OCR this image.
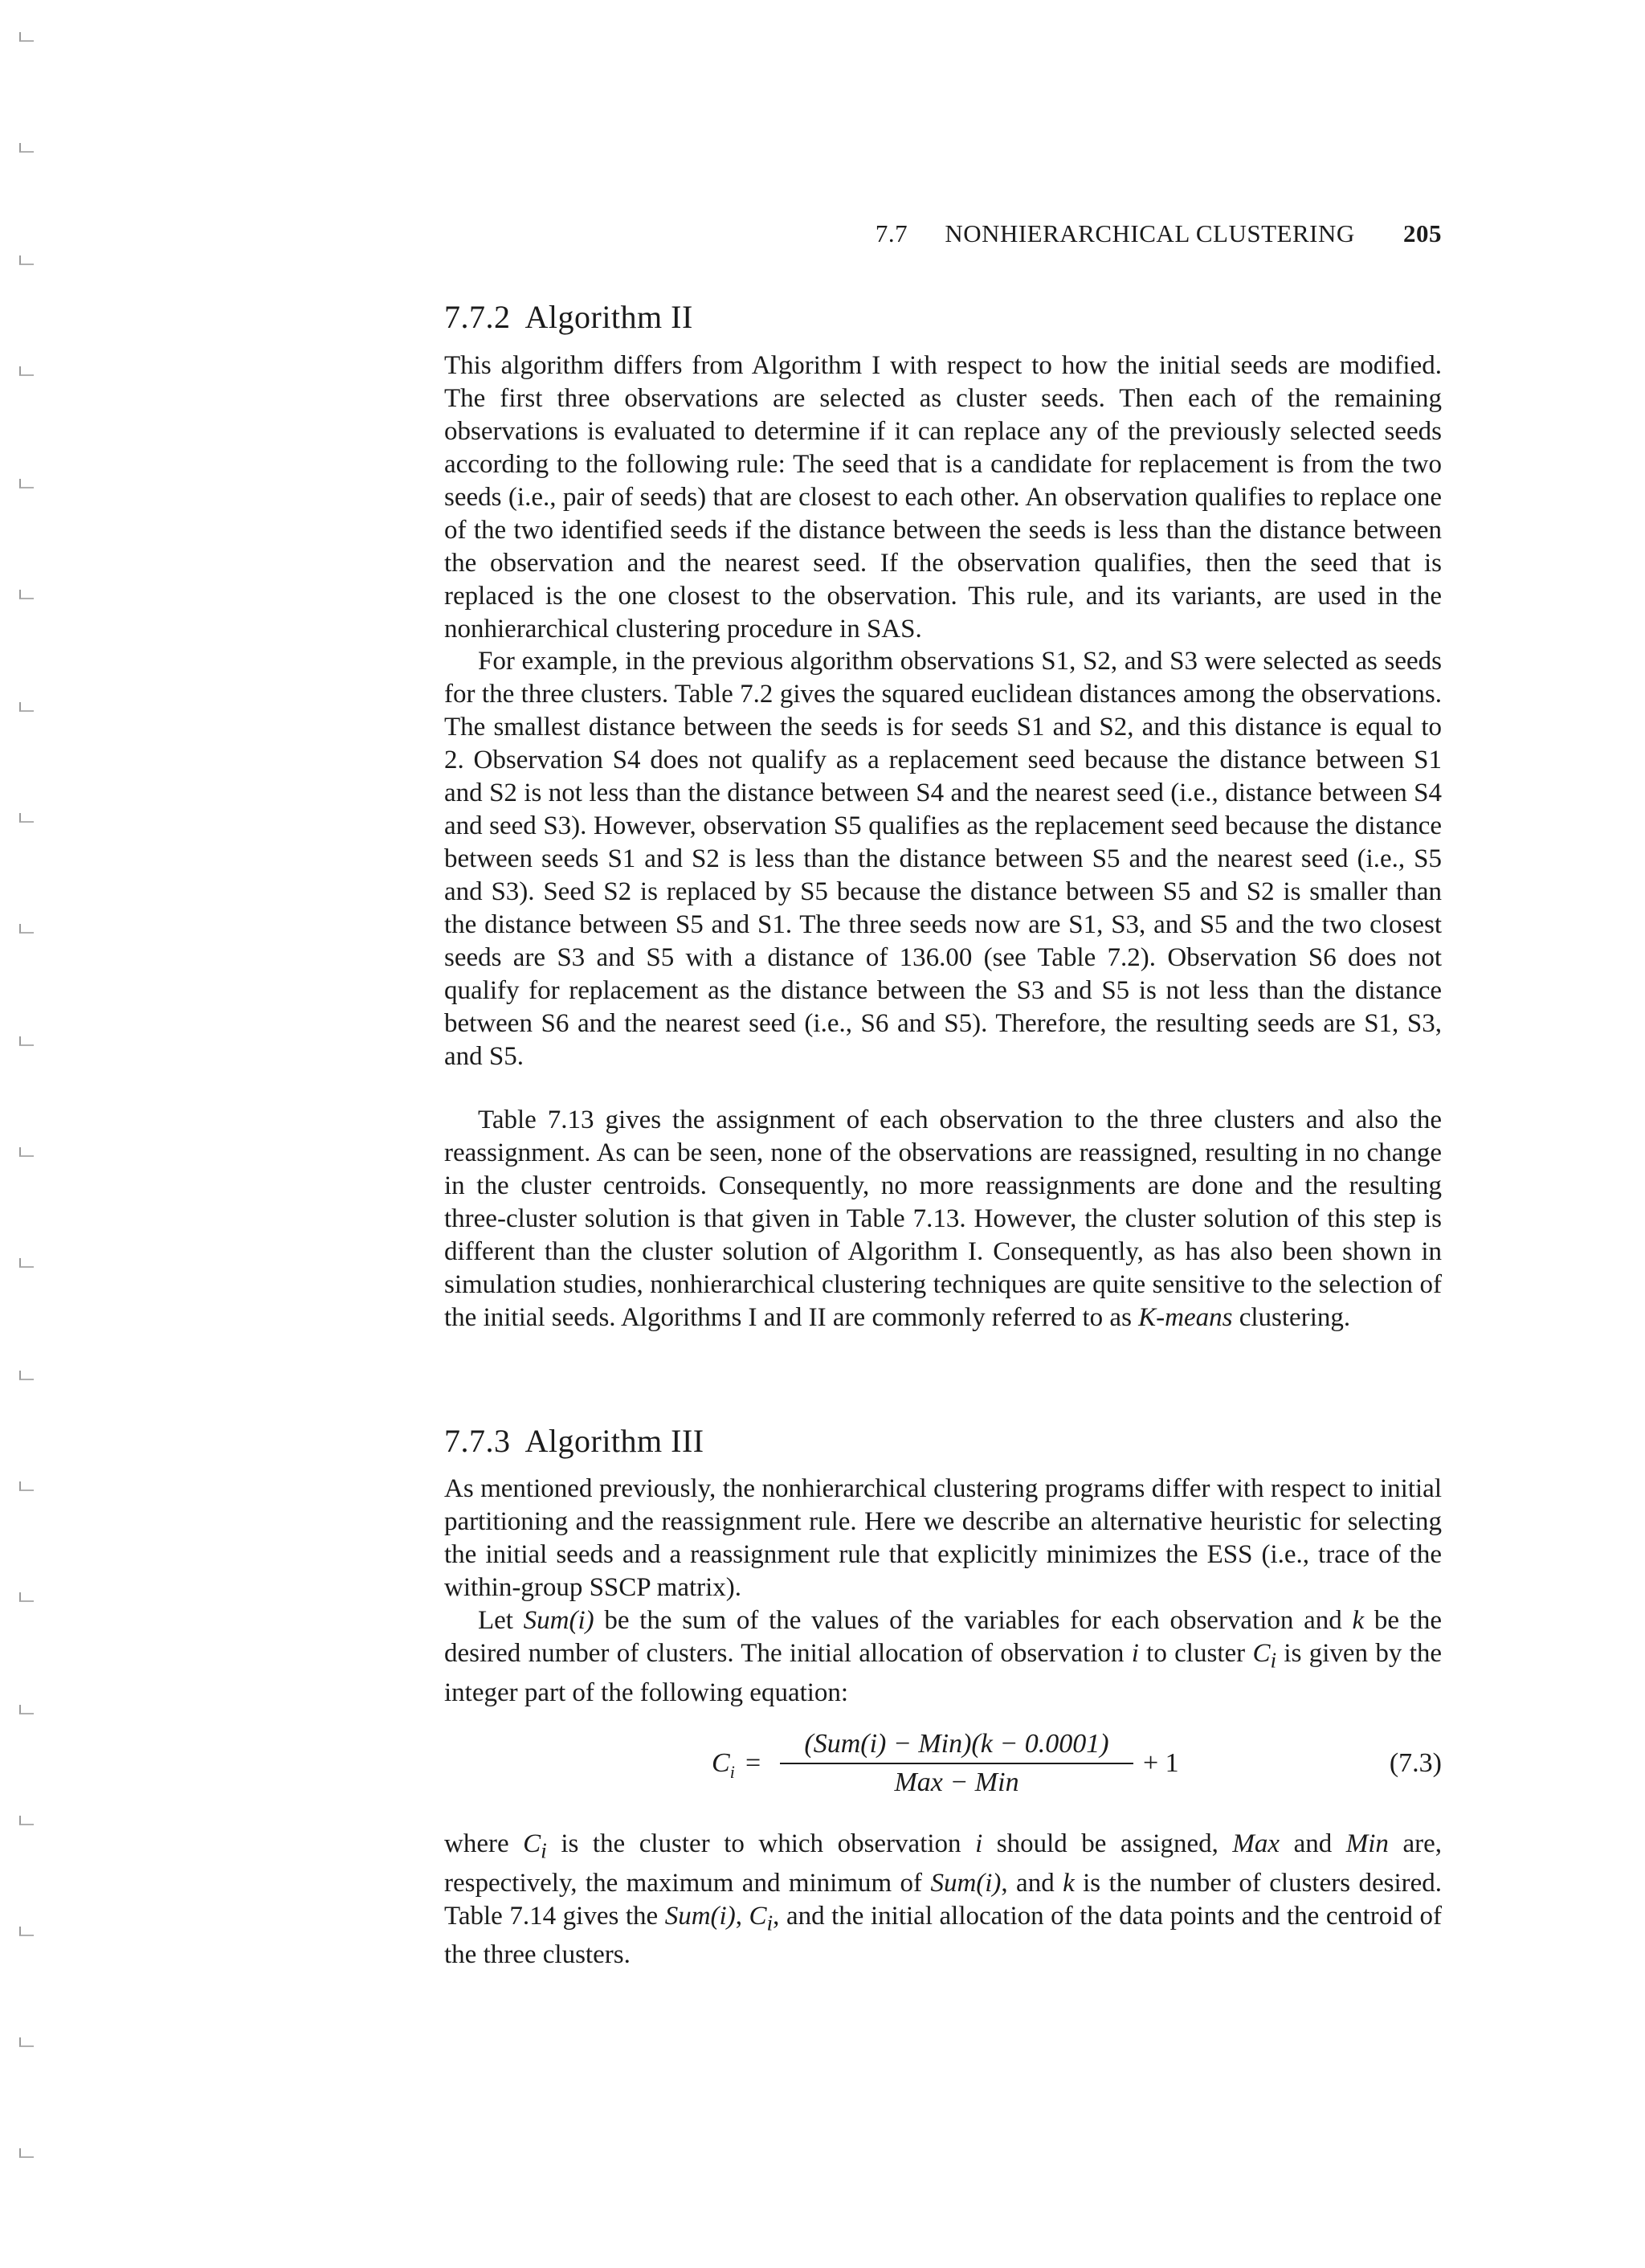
7.7 NONHIERARCHICAL CLUSTERING 205
7.7.2 Algorithm II

This algorithm differs from Algorithm I with respect to how the initial seeds are modified. The first three observations are selected as cluster seeds. Then each of the remaining observations is evaluated to determine if it can replace any of the previously selected seeds according to the following rule: The seed that is a candidate for replacement is from the two seeds (i.e., pair of seeds) that are closest to each other. An observation qualifies to replace one of the two identified seeds if the distance between the seeds is less than the distance between the observation and the nearest seed. If the observation qualifies, then the seed that is replaced is the one closest to the observation. This rule, and its variants, are used in the nonhierarchical clustering procedure in SAS.

For example, in the previous algorithm observations S1, S2, and S3 were selected as seeds for the three clusters. Table 7.2 gives the squared euclidean distances among the observations. The smallest distance between the seeds is for seeds S1 and S2, and this distance is equal to 2. Observation S4 does not qualify as a replacement seed because the distance between S1 and S2 is not less than the distance between S4 and the nearest seed (i.e., distance between S4 and seed S3). However, observation S5 qualifies as the replacement seed because the distance between seeds S1 and S2 is less than the distance between S5 and the nearest seed (i.e., S5 and S3). Seed S2 is replaced by S5 because the distance between S5 and S2 is smaller than the distance between S5 and S1. The three seeds now are S1, S3, and S5 and the two closest seeds are S3 and S5 with a distance of 136.00 (see Table 7.2). Observation S6 does not qualify for replacement as the distance between the S3 and S5 is not less than the distance between S6 and the nearest seed (i.e., S6 and S5). Therefore, the resulting seeds are S1, S3, and S5.

Table 7.13 gives the assignment of each observation to the three clusters and also the reassignment. As can be seen, none of the observations are reassigned, resulting in no change in the cluster centroids. Consequently, no more reassignments are done and the resulting three-cluster solution is that given in Table 7.13. However, the cluster solution of this step is different than the cluster solution of Algorithm I. Consequently, as has also been shown in simulation studies, nonhierarchical clustering techniques are quite sensitive to the selection of the initial seeds. Algorithms I and II are commonly referred to as K-means clustering.

7.7.3 Algorithm III

As mentioned previously, the nonhierarchical clustering programs differ with respect to initial partitioning and the reassignment rule. Here we describe an alternative heuristic for selecting the initial seeds and a reassignment rule that explicitly minimizes the ESS (i.e., trace of the within-group SSCP matrix).

Let Sum(i) be the sum of the values of the variables for each observation and k be the desired number of clusters. The initial allocation of observation i to cluster $C_i$ is given by the integer part of the following equation:

$C_i$ =
(Sum(i) − Min)(k − 0.0001)
Max − Min
+ 1	(7.3)

where $C_i$ is the cluster to which observation i should be assigned, Max and Min are, respectively, the maximum and minimum of Sum(i), and k is the number of clusters desired. Table 7.14 gives the Sum(i), $C_i$, and the initial allocation of the data points and the centroid of the three clusters.
